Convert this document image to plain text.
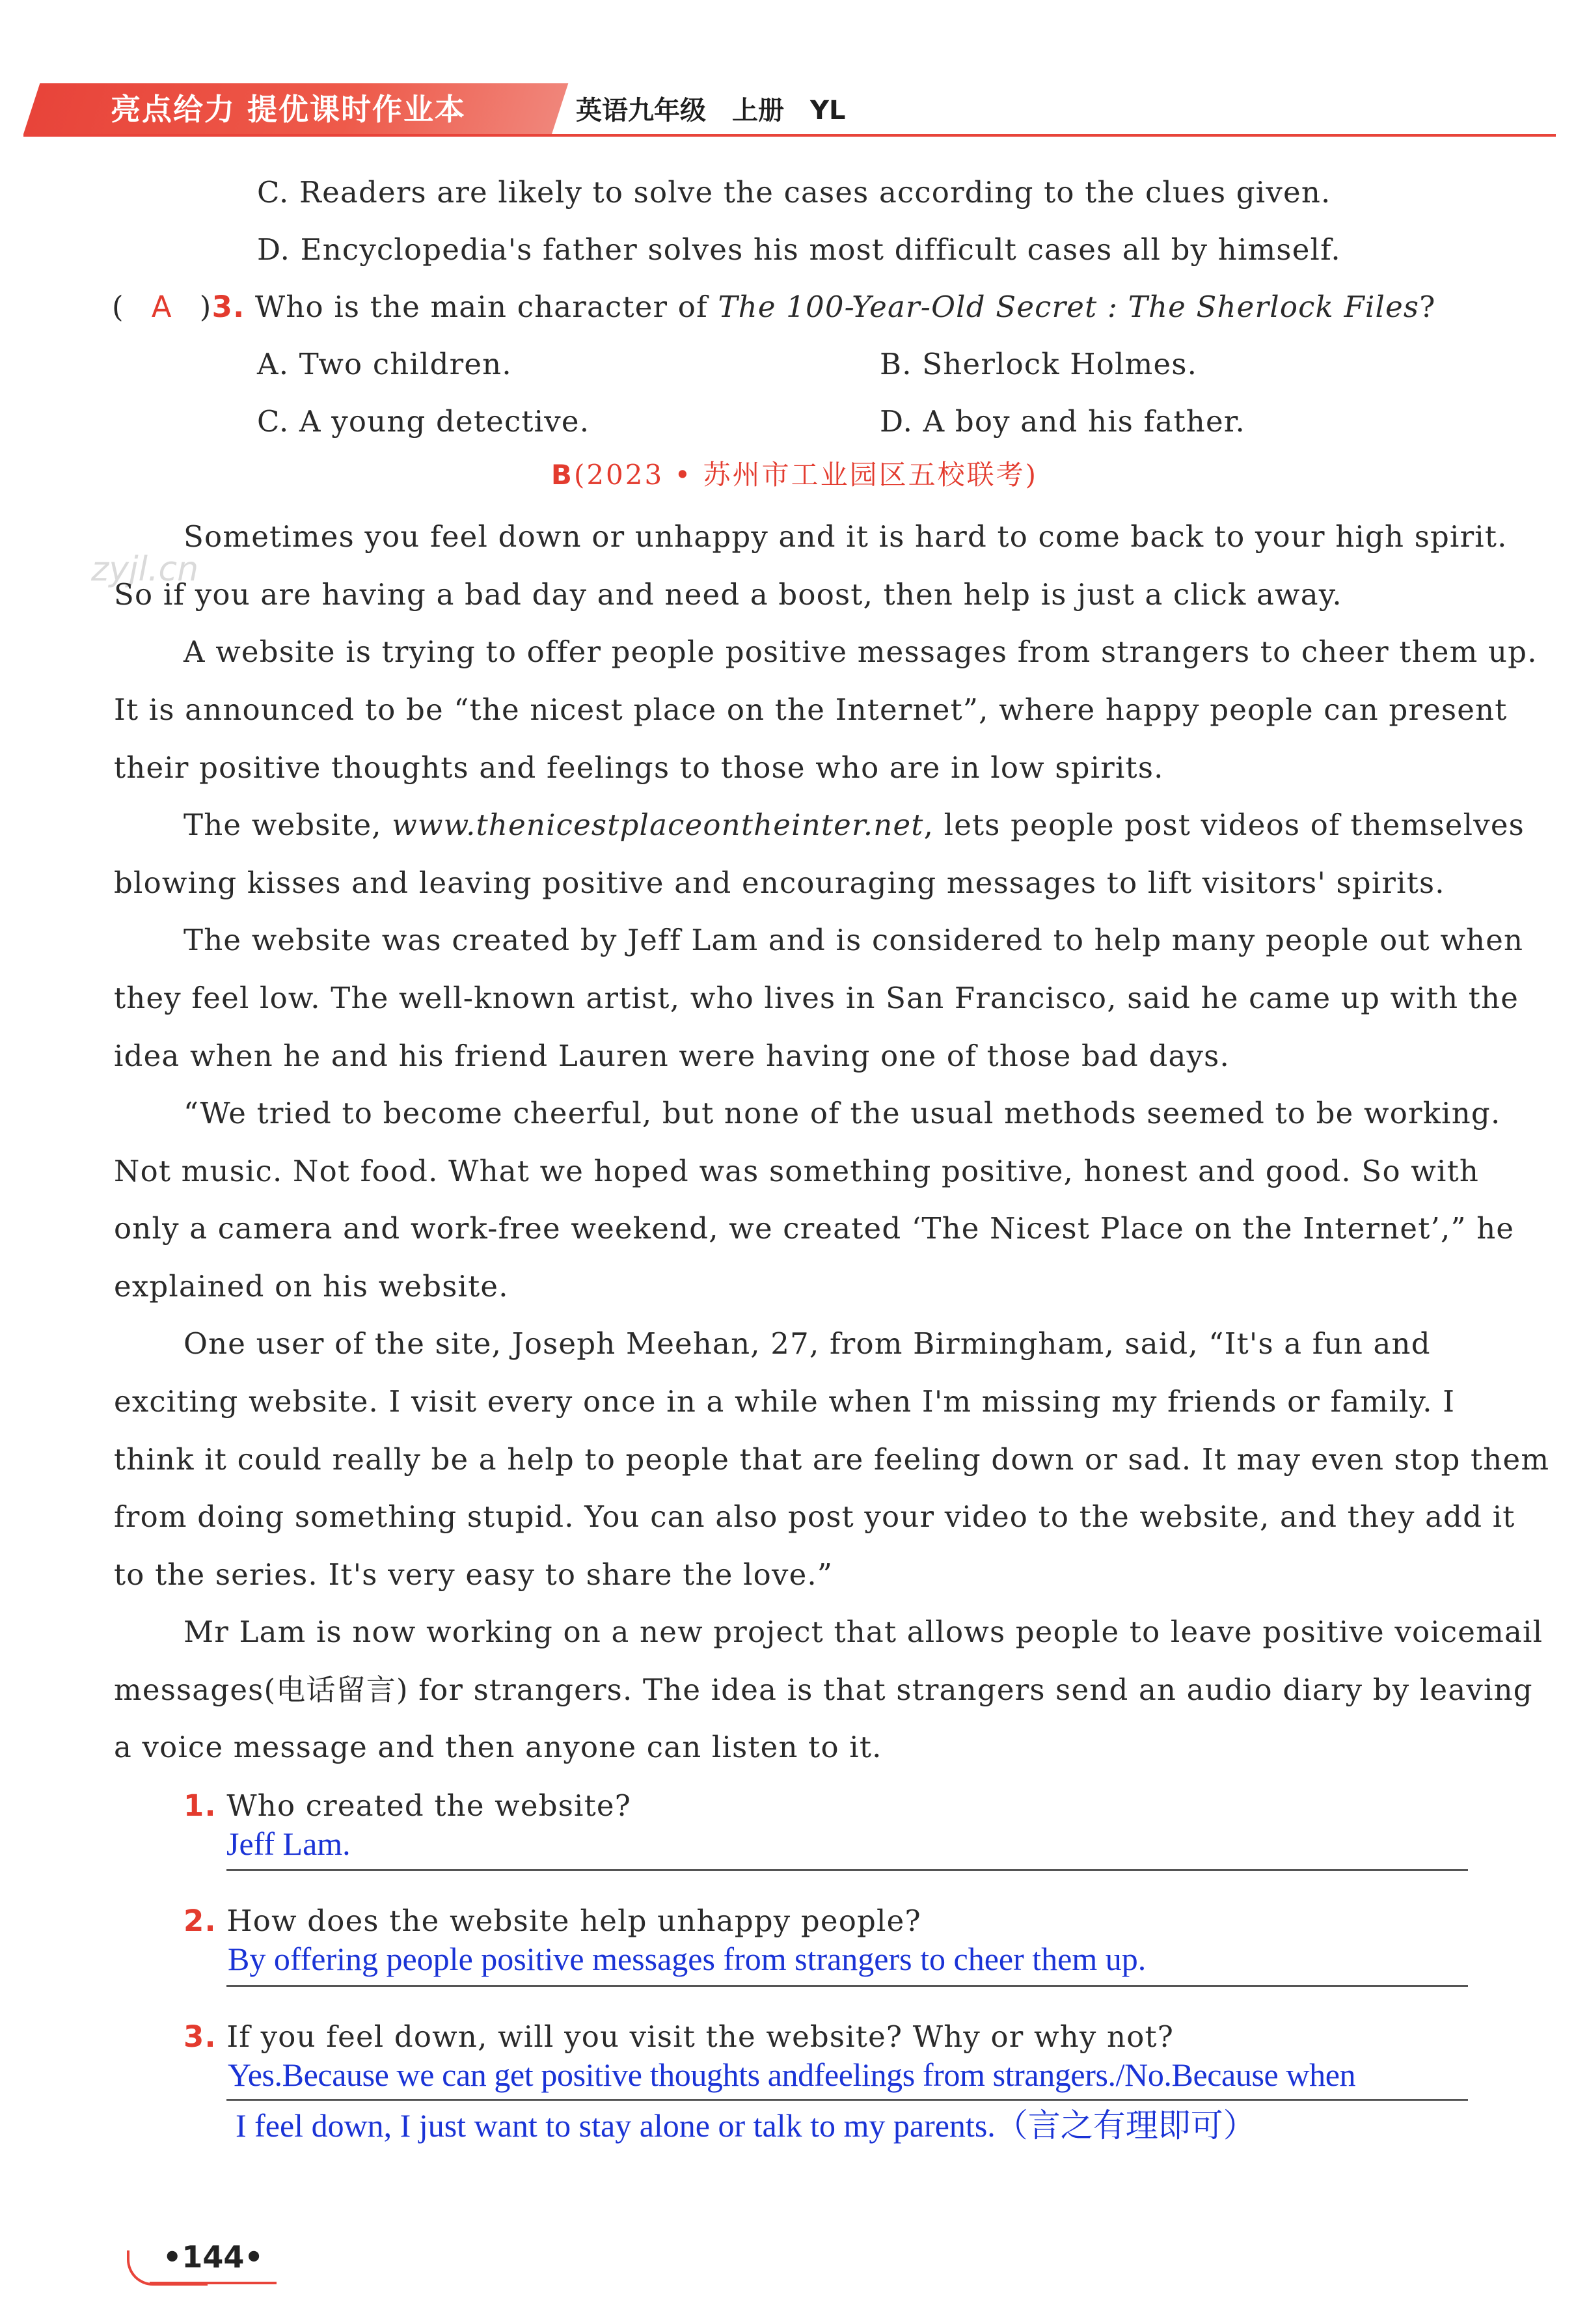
亮点给力 提优课时作业本	英语九年级 上册 YL
zyjl.cn
C. Readers are likely to solve the cases according to the clues given.
D. Encyclopedia's father solves his most difficult cases all by himself.
( A )3. Who is the main character of The 100-Year-Old Secret : The Sherlock Files?
A. Two children.	B. Sherlock Holmes.
C. A young detective.	D. A boy and his father.
B(2023 • 苏州市工业园区五校联考)
Sometimes you feel down or unhappy and it is hard to come back to your high spirit.
So if you are having a bad day and need a boost, then help is just a click away.
A website is trying to offer people positive messages from strangers to cheer them up.
It is announced to be “the nicest place on the Internet”, where happy people can present
their positive thoughts and feelings to those who are in low spirits.
The website, www.thenicestplaceontheinter.net, lets people post videos of themselves
blowing kisses and leaving positive and encouraging messages to lift visitors' spirits.
The website was created by Jeff Lam and is considered to help many people out when
they feel low. The well-known artist, who lives in San Francisco, said he came up with the
idea when he and his friend Lauren were having one of those bad days.
“We tried to become cheerful, but none of the usual methods seemed to be working.
Not music. Not food. What we hoped was something positive, honest and good. So with
only a camera and work-free weekend, we created ‘The Nicest Place on the Internet’,” he
explained on his website.
One user of the site, Joseph Meehan, 27, from Birmingham, said, “It's a fun and
exciting website. I visit every once in a while when I'm missing my friends or family. I
think it could really be a help to people that are feeling down or sad. It may even stop them
from doing something stupid. You can also post your video to the website, and they add it
to the series. It's very easy to share the love.”
Mr Lam is now working on a new project that allows people to leave positive voicemail
messages(电话留言) for strangers. The idea is that strangers send an audio diary by leaving
a voice message and then anyone can listen to it.
1. Who created the website?
Jeff Lam.
2. How does the website help unhappy people?
By offering people positive messages from strangers to cheer them up.
3. If you feel down, will you visit the website? Why or why not?
Yes.Because we can get positive thoughts andfeelings from strangers./No.Because when
I feel down, I just want to stay alone or talk to my parents.（言之有理即可）
•144•
